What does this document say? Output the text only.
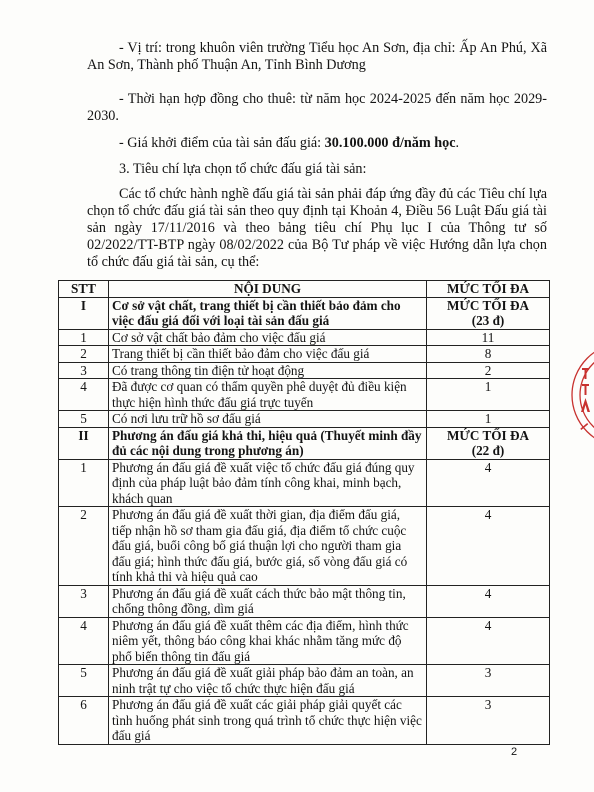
- Vị trí: trong khuôn viên trường Tiểu học An Sơn, địa chỉ: Ấp An Phú, Xã An Sơn, Thành phố Thuận An, Tỉnh Bình Dương

- Thời hạn hợp đồng cho thuê: từ năm học 2024-2025 đến năm học 2029-2030.

- Giá khởi điểm của tài sản đấu giá: 30.100.000 đ/năm học.

3. Tiêu chí lựa chọn tổ chức đấu giá tài sản:

Các tổ chức hành nghề đấu giá tài sản phải đáp ứng đầy đủ các Tiêu chí lựa chọn tổ chức đấu giá tài sản theo quy định tại Khoản 4, Điều 56 Luật Đấu giá tài sản ngày 17/11/2016 và theo bảng tiêu chí Phụ lục I của Thông tư số 02/2022/TT-BTP ngày 08/02/2022 của Bộ Tư pháp về việc Hướng dẫn lựa chọn tổ chức đấu giá tài sản, cụ thể:

STT	NỘI DUNG	MỨC TỐI ĐA
I	Cơ sở vật chất, trang thiết bị cần thiết bảo đảm cho việc đấu giá đối với loại tài sản đấu giá	MỨC TỐI ĐA
(23 đ)

1	Cơ sở vật chất bảo đảm cho việc đấu giá	11
2	Trang thiết bị cần thiết bảo đảm cho việc đấu giá	8
3	Có trang thông tin điện tử hoạt động	2
4	Đã được cơ quan có thẩm quyền phê duyệt đủ điều kiện thực hiện hình thức đấu giá trực tuyến	1
5	Có nơi lưu trữ hồ sơ đấu giá	1
II	Phương án đấu giá khả thi, hiệu quả (Thuyết minh đầy đủ các nội dung trong phương án)	MỨC TỐI ĐA
(22 đ)

1	Phương án đấu giá đề xuất việc tổ chức đấu giá đúng quy định của pháp luật bảo đảm tính công khai, minh bạch, khách quan	4
2	Phương án đấu giá đề xuất thời gian, địa điểm đấu giá, tiếp nhận hồ sơ tham gia đấu giá, địa điểm tổ chức cuộc đấu giá, buổi công bố giá thuận lợi cho người tham gia đấu giá; hình thức đấu giá, bước giá, số vòng đấu giá có tính khả thi và hiệu quả cao	4
3	Phương án đấu giá đề xuất cách thức bảo mật thông tin, chống thông đồng, dìm giá	4
4	Phương án đấu giá đề xuất thêm các địa điểm, hình thức niêm yết, thông báo công khai khác nhằm tăng mức độ phổ biến thông tin đấu giá	4
5	Phương án đấu giá đề xuất giải pháp bảo đảm an toàn, an ninh trật tự cho việc tổ chức thực hiện đấu giá	3
6	Phương án đấu giá đề xuất các giải pháp giải quyết các tình huống phát sinh trong quá trình tổ chức thực hiện việc đấu giá	3
2
